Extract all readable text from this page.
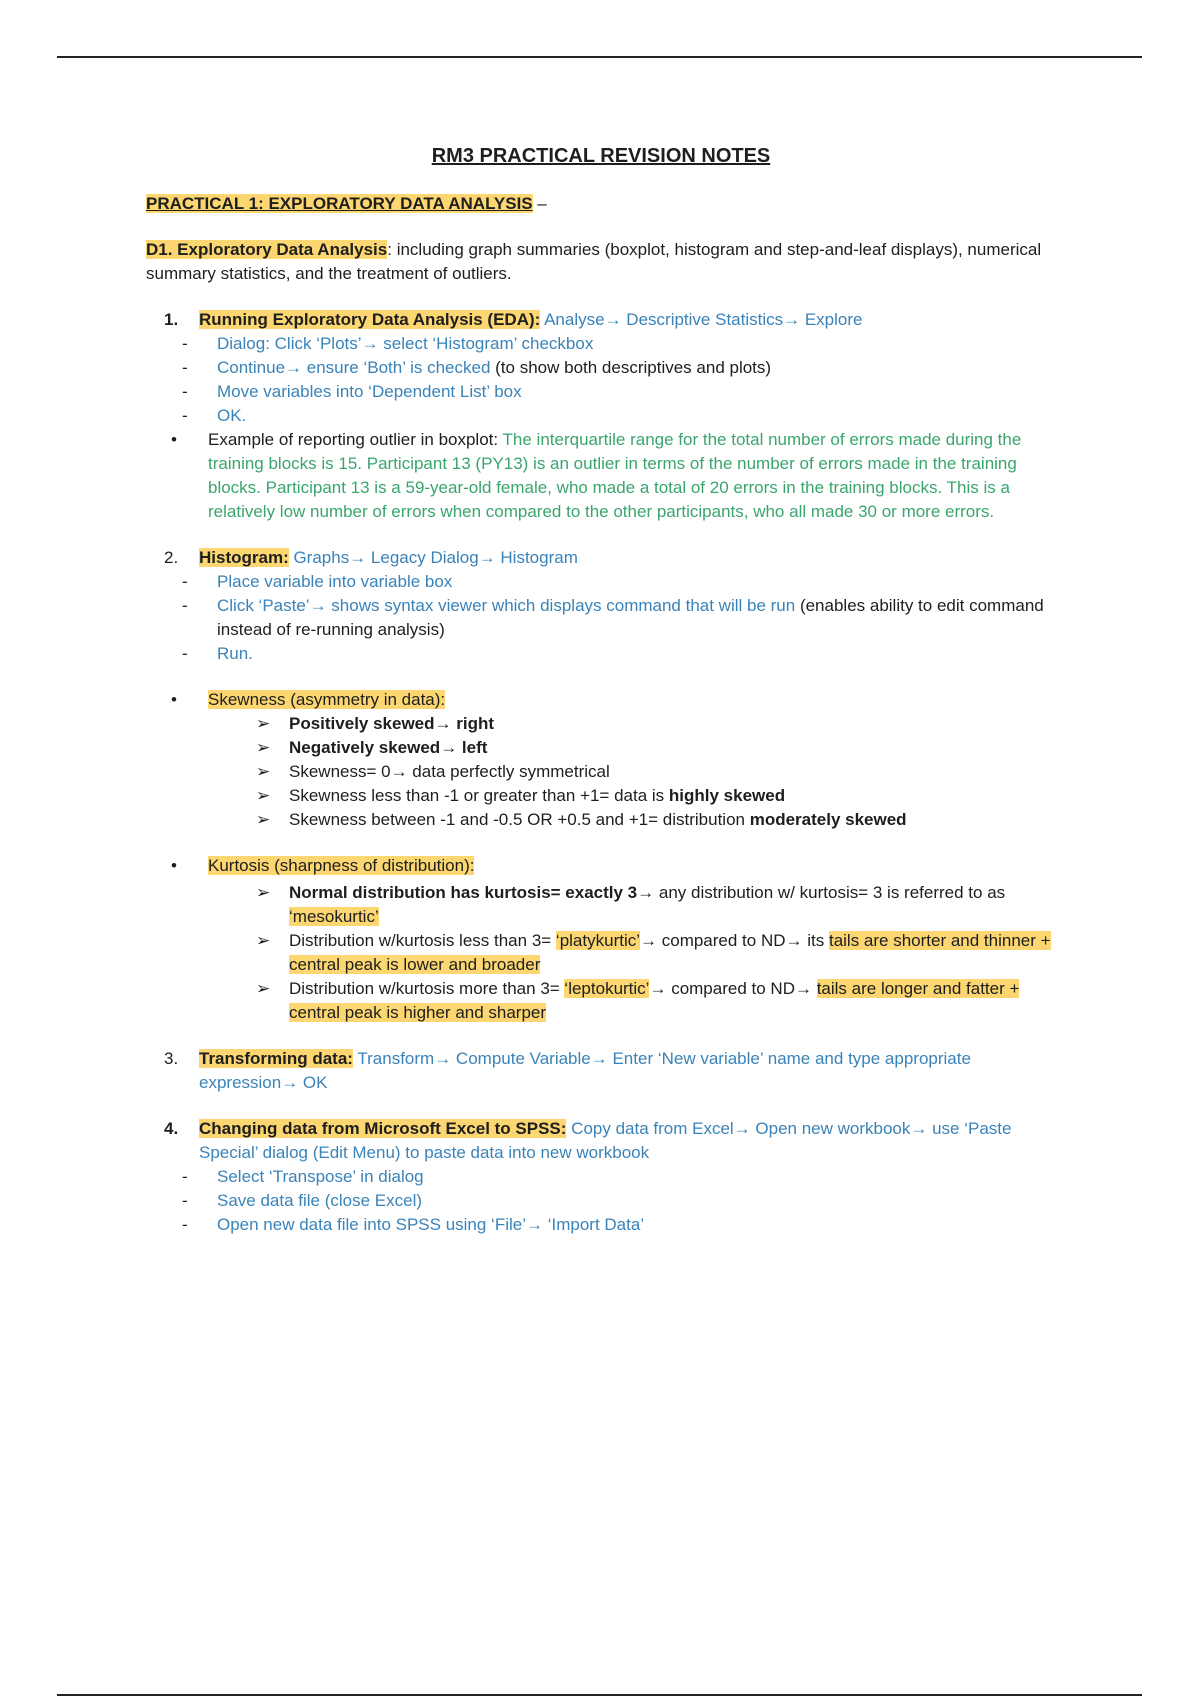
RM3 PRACTICAL REVISION NOTES
PRACTICAL 1: EXPLORATORY DATA ANALYSIS –
D1. Exploratory Data Analysis: including graph summaries (boxplot, histogram and step-and-leaf displays), numerical summary statistics, and the treatment of outliers.
1.	Running Exploratory Data Analysis (EDA): Analyse→ Descriptive Statistics→ Explore
-	Dialog: Click ‘Plots’→ select ‘Histogram’ checkbox
-	Continue→ ensure ‘Both’ is checked (to show both descriptives and plots)
-	Move variables into ‘Dependent List’ box
-	OK.
•	Example of reporting outlier in boxplot: The interquartile range for the total number of errors made during the training blocks is 15. Participant 13 (PY13) is an outlier in terms of the number of errors made in the training blocks. Participant 13 is a 59-year-old female, who made a total of 20 errors in the training blocks. This is a relatively low number of errors when compared to the other participants, who all made 30 or more errors.
2.	Histogram: Graphs→ Legacy Dialog→ Histogram
-	Place variable into variable box
-	Click ‘Paste’→ shows syntax viewer which displays command that will be run (enables ability to edit command instead of re-running analysis)
-	Run.
•	Skewness (asymmetry in data):
➢	Positively skewed→ right
➢	Negatively skewed→ left
➢	Skewness= 0→ data perfectly symmetrical
➢	Skewness less than -1 or greater than +1= data is highly skewed
➢	Skewness between -1 and -0.5 OR +0.5 and +1= distribution moderately skewed
•	Kurtosis (sharpness of distribution):
➢	Normal distribution has kurtosis= exactly 3→ any distribution w/ kurtosis= 3 is referred to as ‘mesokurtic’
➢	Distribution w/kurtosis less than 3= ‘platykurtic’→ compared to ND→ its tails are shorter and thinner + central peak is lower and broader
➢	Distribution w/kurtosis more than 3= ‘leptokurtic’→ compared to ND→ tails are longer and fatter + central peak is higher and sharper
3.	Transforming data: Transform→ Compute Variable→ Enter ‘New variable’ name and type appropriate expression→ OK
4.	Changing data from Microsoft Excel to SPSS: Copy data from Excel→ Open new workbook→ use ‘Paste Special’ dialog (Edit Menu) to paste data into new workbook
-	Select ‘Transpose’ in dialog
-	Save data file (close Excel)
-	Open new data file into SPSS using ‘File’→ ‘Import Data’
